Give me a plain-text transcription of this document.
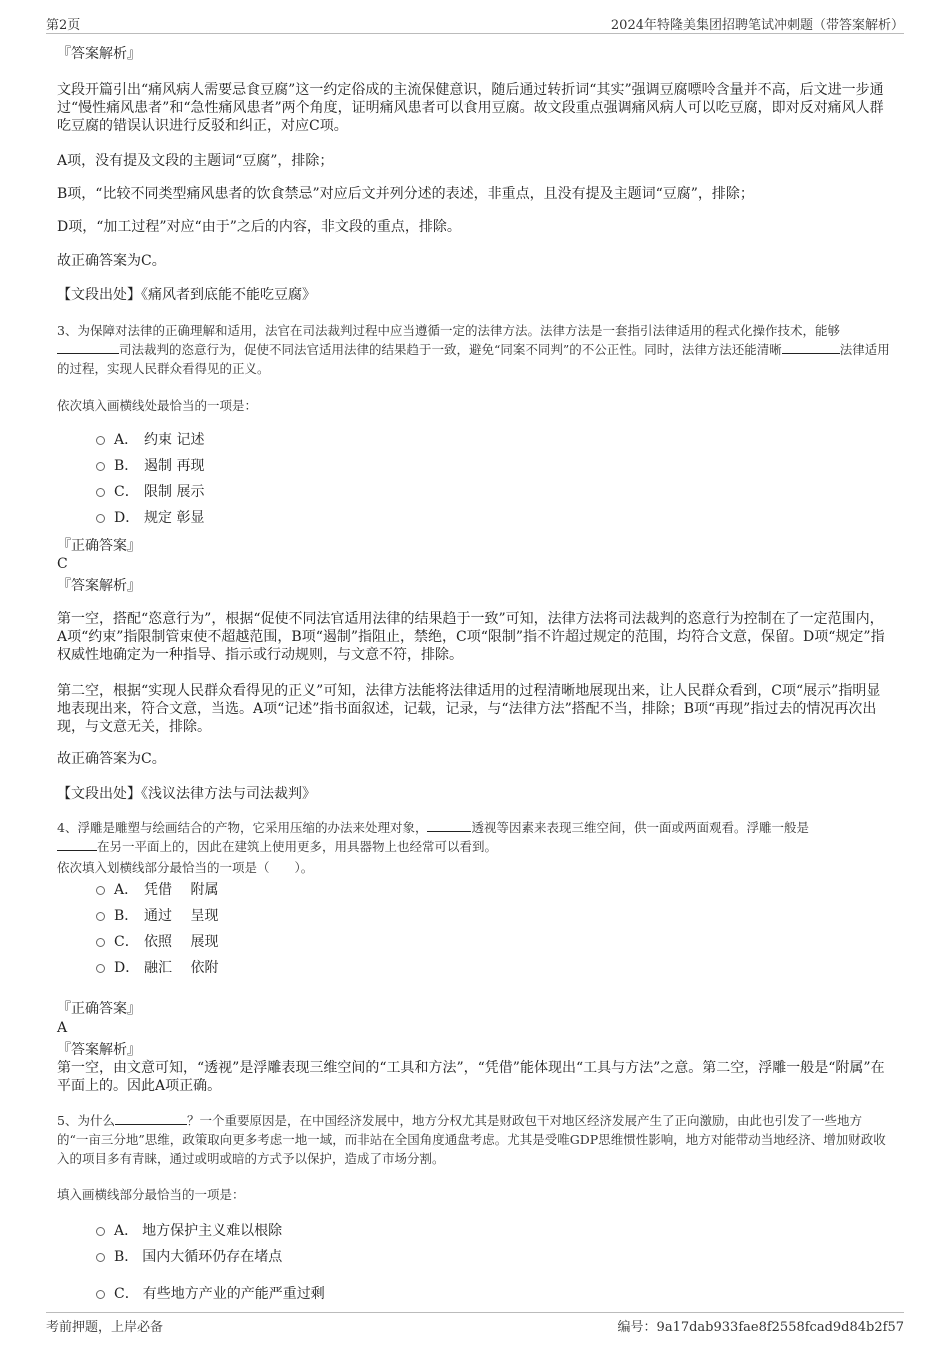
第2页	2024年特隆美集团招聘笔试冲刺题（带答案解析）

『答案解析』

文段开篇引出“痛风病人需要忌食豆腐”这一约定俗成的主流保健意识，随后通过转折词“其实”强调豆腐嘌呤含量并不高，后文进一步通过“慢性痛风患者”和“急性痛风患者”两个角度，证明痛风患者可以食用豆腐。故文段重点强调痛风病人可以吃豆腐，即对反对痛风人群吃豆腐的错误认识进行反驳和纠正，对应C项。

A项，没有提及文段的主题词“豆腐”，排除；

B项，“比较不同类型痛风患者的饮食禁忌”对应后文并列分述的表述，非重点，且没有提及主题词“豆腐”，排除；

D项，“加工过程”对应“由于”之后的内容，非文段的重点，排除。

故正确答案为C。

【文段出处】《痛风者到底能不能吃豆腐》

3、为保障对法律的正确理解和适用，法官在司法裁判过程中应当遵循一定的法律方法。法律方法是一套指引法律适用的程式化操作技术，能够司法裁判的恣意行为，促使不同法官适用法律的结果趋于一致，避免“同案不同判”的不公正性。同时，法律方法还能清晰	法律适用的过程，实现人民群众看得见的正义。

依次填入画横线处最恰当的一项是：

A． 约束 记述
B． 遏制 再现
C． 限制 展示
D． 规定 彰显

『正确答案』

C

『答案解析』

第一空，搭配“恣意行为”，根据“促使不同法官适用法律的结果趋于一致”可知，法律方法将司法裁判的恣意行为控制在了一定范围内，A项“约束”指限制管束使不超越范围，B项“遏制”指阻止，禁绝，C项“限制”指不许超过规定的范围，均符合文意，保留。D项“规定”指权威性地确定为一种指导、指示或行动规则，与文意不符，排除。

第二空，根据“实现人民群众看得见的正义”可知，法律方法能将法律适用的过程清晰地展现出来，让人民群众看到，C项“展示”指明显地表现出来，符合文意，当选。A项“记述”指书面叙述，记载，记录，与“法律方法”搭配不当，排除；B项“再现”指过去的情况再次出现，与文意无关，排除。

故正确答案为C。

【文段出处】《浅议法律方法与司法裁判》

4、浮雕是雕塑与绘画结合的产物，它采用压缩的办法来处理对象，	透视等因素来表现三维空间，供一面或两面观看。浮雕一般是
在另一平面上的，因此在建筑上使用更多，用具器物上也经常可以看到。

依次填入划横线部分最恰当的一项是（　　）。

A． 凭借　 附属
B． 通过　 呈现
C． 依照　 展现
D． 融汇　 依附

『正确答案』

A

『答案解析』

第一空，由文意可知，“透视”是浮雕表现三维空间的“工具和方法”，“凭借”能体现出“工具与方法”之意。第二空，浮雕一般是“附属”在平面上的。因此A项正确。

5、为什么	？一个重要原因是，在中国经济发展中，地方分权尤其是财政包干对地区经济发展产生了正向激励，由此也引发了一些地方的“一亩三分地”思维，政策取向更多考虑一地一域，而非站在全国角度通盘考虑。尤其是受唯GDP思维惯性影响，地方对能带动当地经济、增加财政收入的项目多有青睐，通过或明或暗的方式予以保护，造成了市场分割。

填入画横线部分最恰当的一项是：

A． 地方保护主义难以根除
B． 国内大循环仍存在堵点
C． 有些地方产业的产能严重过剩
考前押题，上岸必备	编号：9a17dab933fae8f2558fcad9d84b2f57
